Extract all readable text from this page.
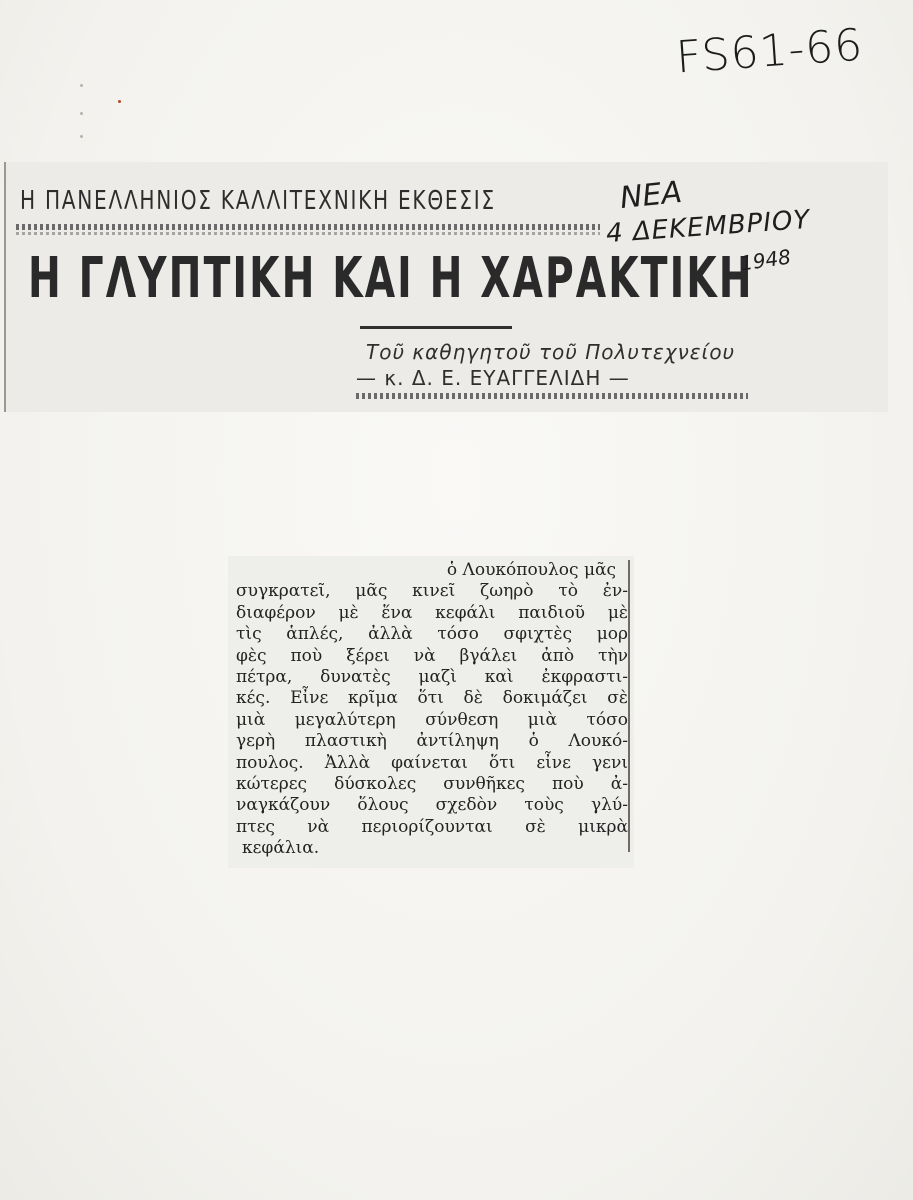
FS61-66
Η ΠΑΝΕΛΛΗΝΙΟΣ ΚΑΛΛΙΤΕΧΝΙΚΗ ΕΚΘΕΣΙΣ
Η ΓΛΥΠΤΙΚΗ ΚΑΙ Η ΧΑΡΑΚΤΙΚΗ
Τοῦ καθηγητοῦ τοῦ Πολυτεχνείου
— κ. Δ. Ε. ΕΥΑΓΓΕΛΙΔΗ —
ΝΕΑ
4 ΔΕΚΕΜΒΡΙΟΥ
1948
ὁ Λουκόπουλος μᾶς
συγκρατεῖ, μᾶς κινεῖ ζωηρὸ τὸ ἐν-
διαφέρον μὲ ἕνα κεφάλι παιδιοῦ μὲ
τὶς ἁπλές, ἀλλὰ τόσο σφιχτὲς μορ
φὲς ποὺ ξέρει νὰ βγάλει ἀπὸ τὴν
πέτρα, δυνατὲς μαζὶ καὶ ἐκφραστι-
κές. Εἶνε κρῖμα ὅτι δὲ δοκιμάζει σὲ
μιὰ μεγαλύτερη σύνθεση μιὰ τόσο
γερὴ πλαστικὴ ἀντίληψη ὁ Λουκό-
πουλος. Ἀλλὰ φαίνεται ὅτι εἶνε γενι
κώτερες δύσκολες συνθῆκες ποὺ ἀ-
ναγκάζουν ὅλους σχεδὸν τοὺς γλύ-
πτες νὰ περιορίζουνται σὲ μικρὰ
κεφάλια.
